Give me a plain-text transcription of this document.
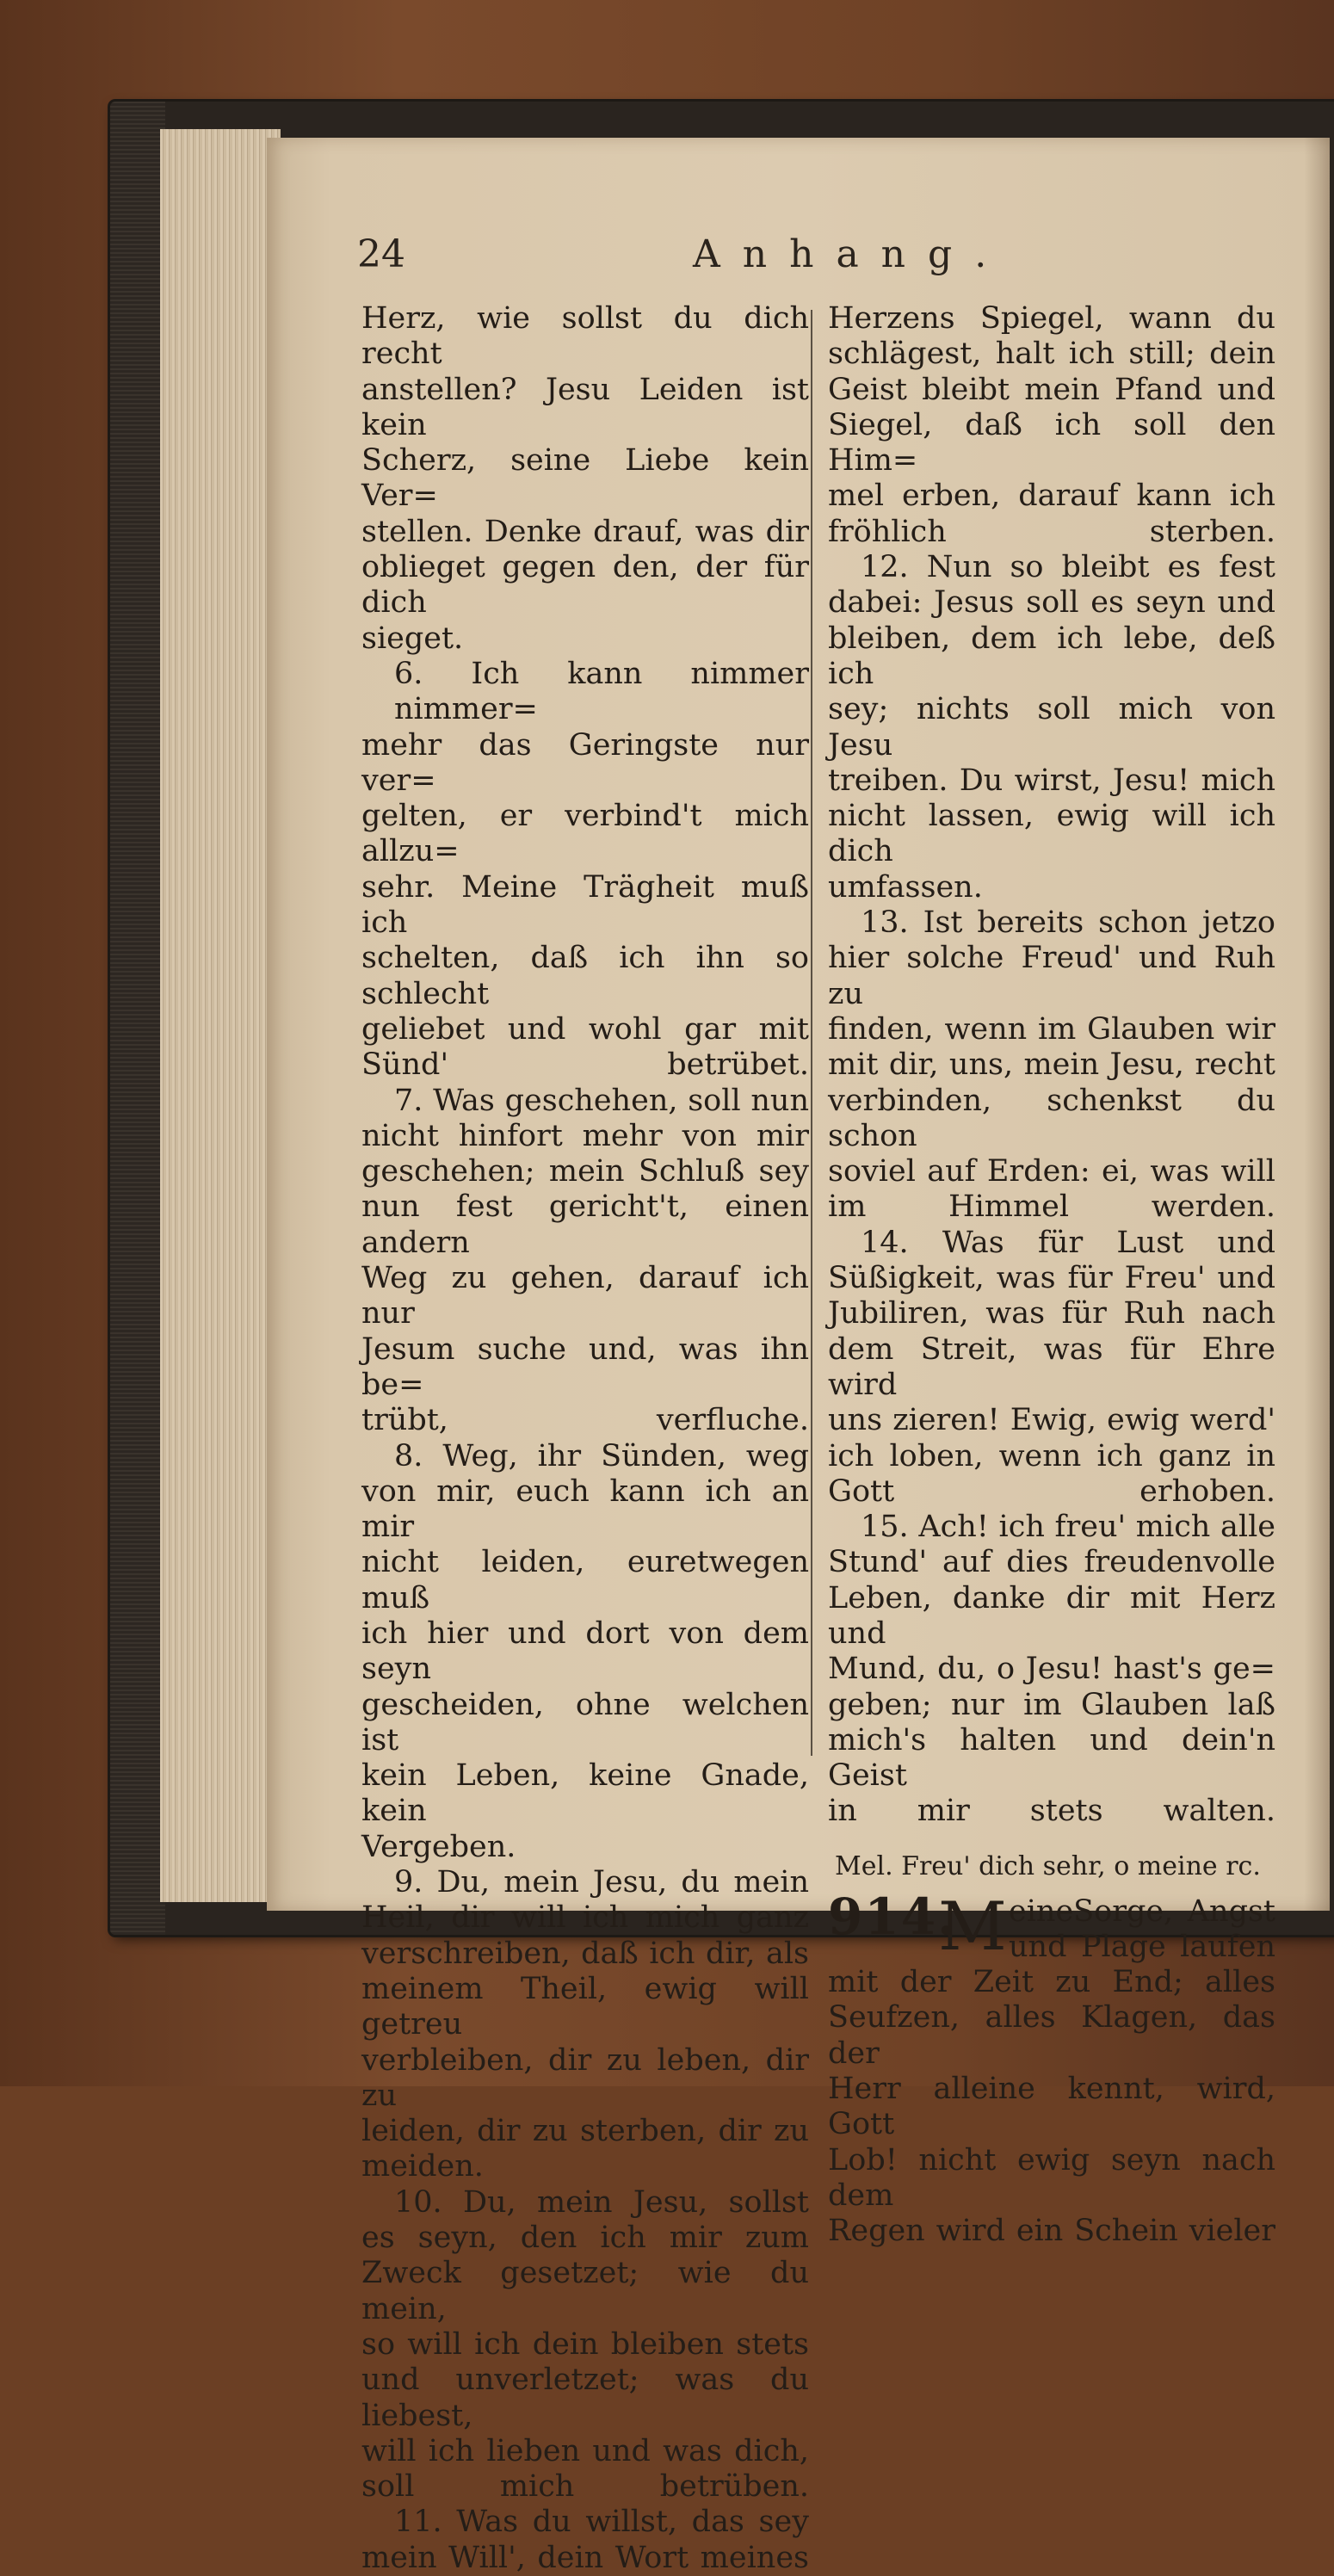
24	Anhang.
Herz, wie sollst du dich recht
anstellen? Jesu Leiden ist kein
Scherz, seine Liebe kein Ver=
stellen. Denke drauf, was dir
oblieget gegen den, der für dich
sieget.
6. Ich kann nimmer nimmer=
mehr das Geringste nur ver=
gelten, er verbind't mich allzu=
sehr. Meine Trägheit muß ich
schelten, daß ich ihn so schlecht
geliebet und wohl gar mit
Sünd' betrübet.
7. Was geschehen, soll nun
nicht hinfort mehr von mir
geschehen; mein Schluß sey
nun fest gericht't, einen andern
Weg zu gehen, darauf ich nur
Jesum suche und, was ihn be=
trübt, verfluche.
8. Weg, ihr Sünden, weg
von mir, euch kann ich an mir
nicht leiden, euretwegen muß
ich hier und dort von dem seyn
gescheiden, ohne welchen ist
kein Leben, keine Gnade, kein
Vergeben.
9. Du, mein Jesu, du mein
Heil, dir will ich mich ganz
verschreiben, daß ich dir, als
meinem Theil, ewig will getreu
verbleiben, dir zu leben, dir zu
leiden, dir zu sterben, dir zu
meiden.
10. Du, mein Jesu, sollst
es seyn, den ich mir zum
Zweck gesetzet; wie du mein,
so will ich dein bleiben stets
und unverletzet; was du liebest,
will ich lieben und was dich,
soll mich betrüben.
11. Was du willst, das sey
mein Will', dein Wort meines
Herzens Spiegel, wann du
schlägest, halt ich still; dein
Geist bleibt mein Pfand und
Siegel, daß ich soll den Him=
mel erben, darauf kann ich
fröhlich sterben.
12. Nun so bleibt es fest
dabei: Jesus soll es seyn und
bleiben, dem ich lebe, deß ich
sey; nichts soll mich von Jesu
treiben. Du wirst, Jesu! mich
nicht lassen, ewig will ich dich
umfassen.
13. Ist bereits schon jetzo
hier solche Freud' und Ruh zu
finden, wenn im Glauben wir
mit dir, uns, mein Jesu, recht
verbinden, schenkst du schon
soviel auf Erden: ei, was will
im Himmel werden.
14. Was für Lust und
Süßigkeit, was für Freu' und
Jubiliren, was für Ruh nach
dem Streit, was für Ehre wird
uns zieren! Ewig, ewig werd'
ich loben, wenn ich ganz in
Gott erhoben.
15. Ach! ich freu' mich alle
Stund' auf dies freudenvolle
Leben, danke dir mit Herz und
Mund, du, o Jesu! hast's ge=
geben; nur im Glauben laß
mich's halten und dein'n Geist
in mir stets walten.
Mel. Freu' dich sehr, o meine rc.
914.
M eineSorge, Angst
und Plage laufen
mit der Zeit zu End; alles
Seufzen, alles Klagen, das der
Herr alleine kennt, wird, Gott
Lob! nicht ewig seyn nach dem
Regen wird ein Schein vieler
